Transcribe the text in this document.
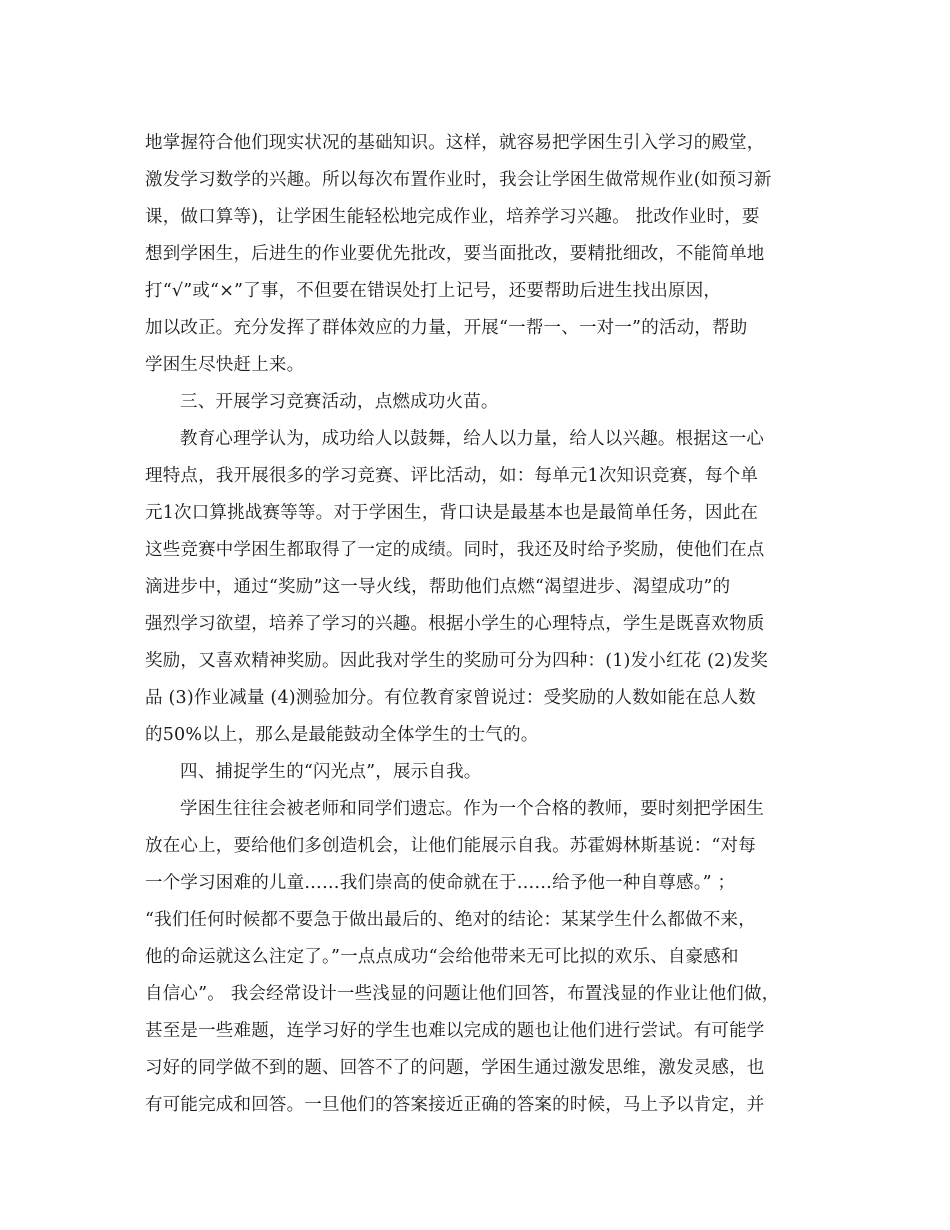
地掌握符合他们现实状况的基础知识。这样，就容易把学困生引入学习的殿堂，
激发学习数学的兴趣。所以每次布置作业时，我会让学困生做常规作业(如预习新
课，做口算等)，让学困生能轻松地完成作业，培养学习兴趣。 批改作业时，要
想到学困生，后进生的作业要优先批改，要当面批改，要精批细改，不能简单地
打“√”或“×”了事，不但要在错误处打上记号，还要帮助后进生找出原因，
加以改正。充分发挥了群体效应的力量，开展“一帮一、一对一”的活动，帮助
学困生尽快赶上来。
三、开展学习竞赛活动，点燃成功火苗。
教育心理学认为，成功给人以鼓舞，给人以力量，给人以兴趣。根据这一心
理特点，我开展很多的学习竞赛、评比活动，如：每单元1次知识竞赛，每个单
元1次口算挑战赛等等。对于学困生，背口诀是最基本也是最简单任务，因此在
这些竞赛中学困生都取得了一定的成绩。同时，我还及时给予奖励，使他们在点
滴进步中，通过“奖励”这一导火线，帮助他们点燃“渴望进步、渴望成功”的
强烈学习欲望，培养了学习的兴趣。根据小学生的心理特点，学生是既喜欢物质
奖励，又喜欢精神奖励。因此我对学生的奖励可分为四种：(1)发小红花 (2)发奖
品 (3)作业减量 (4)测验加分。有位教育家曾说过：受奖励的人数如能在总人数
的50%以上，那么是最能鼓动全体学生的士气的。
四、捕捉学生的“闪光点”，展示自我。
学困生往往会被老师和同学们遗忘。作为一个合格的教师，要时刻把学困生
放在心上，要给他们多创造机会，让他们能展示自我。苏霍姆林斯基说：“对每
一个学习困难的儿童……我们崇高的使命就在于……给予他一种自尊感。” ；
“我们任何时候都不要急于做出最后的、绝对的结论：某某学生什么都做不来，
他的命运就这么注定了。”一点点成功“会给他带来无可比拟的欢乐、自豪感和
自信心”。 我会经常设计一些浅显的问题让他们回答，布置浅显的作业让他们做，
甚至是一些难题，连学习好的学生也难以完成的题也让他们进行尝试。有可能学
习好的同学做不到的题、回答不了的问题，学困生通过激发思维，激发灵感，也
有可能完成和回答。一旦他们的答案接近正确的答案的时候，马上予以肯定，并
